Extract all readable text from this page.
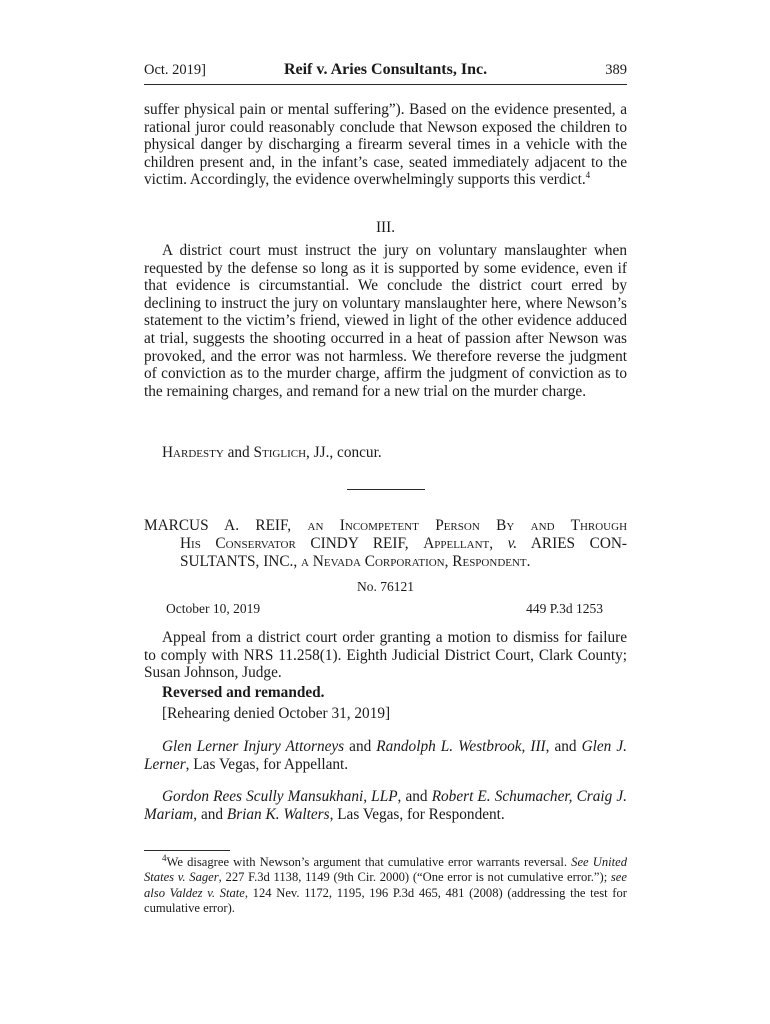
Oct. 2019]	Reif v. Aries Consultants, Inc.	389

suffer physical pain or mental suffering”). Based on the evidence presented, a rational juror could reasonably conclude that Newson exposed the children to physical danger by discharging a firearm several times in a vehicle with the children present and, in the infant’s case, seated immediately adjacent to the victim. Accordingly, the evidence overwhelmingly supports this verdict.$^4$

III.

A district court must instruct the jury on voluntary manslaughter when requested by the defense so long as it is supported by some evidence, even if that evidence is circumstantial. We conclude the district court erred by declining to instruct the jury on voluntary manslaughter here, where Newson’s statement to the victim’s friend, viewed in light of the other evidence adduced at trial, suggests the shooting occurred in a heat of passion after Newson was provoked, and the error was not harmless. We therefore reverse the judgment of conviction as to the murder charge, affirm the judgment of conviction as to the remaining charges, and remand for a new trial on the murder charge.

Hardesty and Stiglich, JJ., concur.
MARCUS A. REIF, an Incompetent Person By and Through
His Conservator CINDY REIF, Appellant, v. ARIES CON-
SULTANTS, INC., a Nevada Corporation, Respondent.
No. 76121
October 10, 2019	449 P.3d 1253

Appeal from a district court order granting a motion to dismiss for failure to comply with NRS 11.258(1). Eighth Judicial District Court, Clark County; Susan Johnson, Judge.

Reversed and remanded.
[Rehearing denied October 31, 2019]

Glen Lerner Injury Attorneys and Randolph L. Westbrook, III, and Glen J. Lerner, Las Vegas, for Appellant.

Gordon Rees Scully Mansukhani, LLP, and Robert E. Schumacher, Craig J. Mariam, and Brian K. Walters, Las Vegas, for Respondent.

$^4$We disagree with Newson’s argument that cumulative error warrants reversal. See United States v. Sager, 227 F.3d 1138, 1149 (9th Cir. 2000) (“One error is not cumulative error.”); see also Valdez v. State, 124 Nev. 1172, 1195, 196 P.3d 465, 481 (2008) (addressing the test for cumulative error).
